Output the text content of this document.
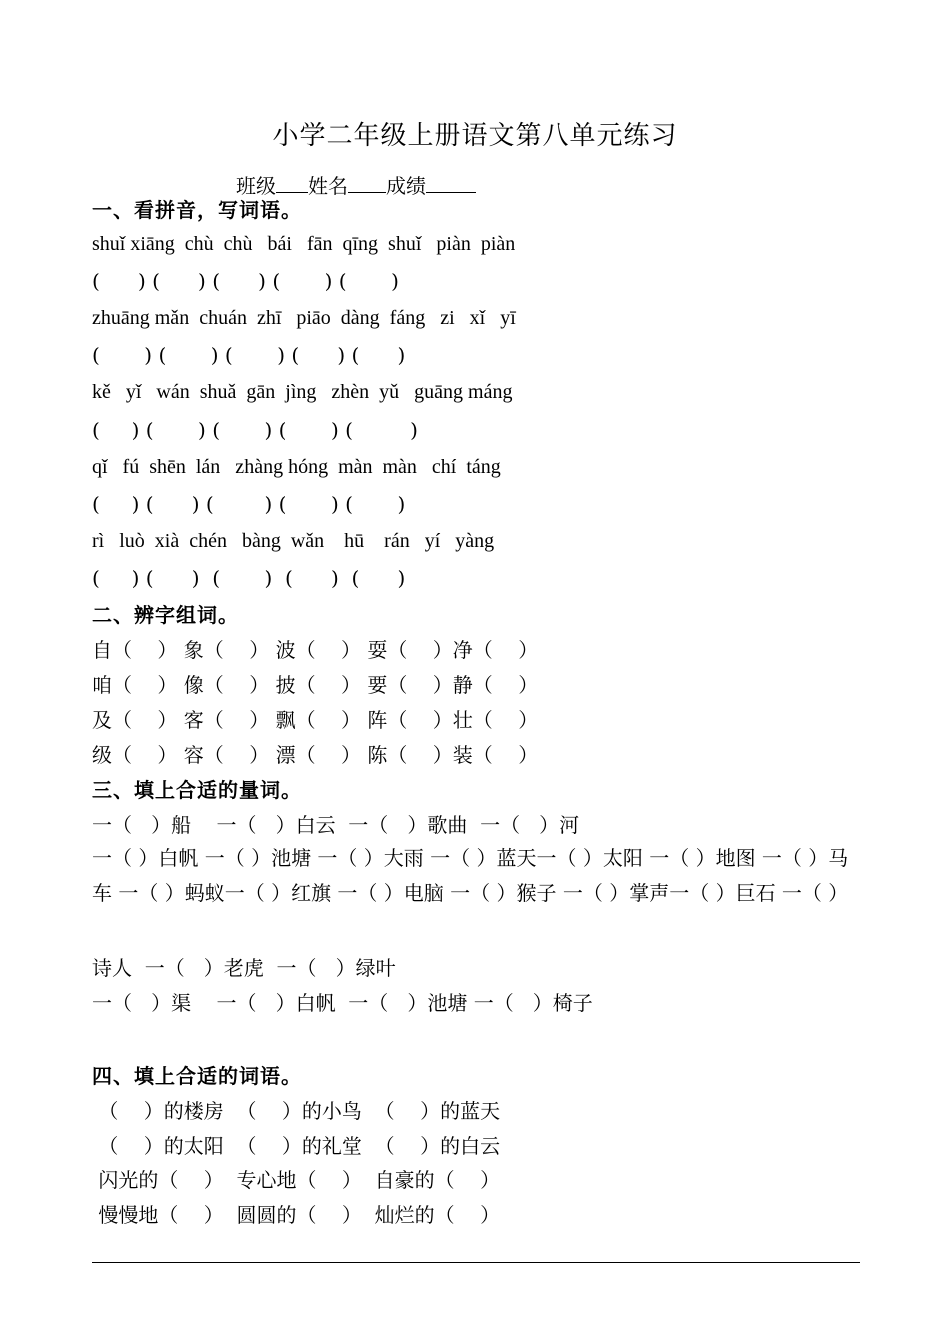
小学二年级上册语文第八单元练习
班级 姓名 成绩
一、看拼音，写词语。
shuǐ xiāng  chù  chù   bái   fān  qīng  shuǐ   piàn  piàn
(      ) (      ) (      ) (       ) (       )
zhuāng mǎn  chuán  zhī   piāo  dàng  fáng   zi   xǐ   yī
(       ) (       ) (       ) (      ) (      )
kě   yǐ   wán  shuǎ  gān  jìng   zhèn  yǔ   guāng máng
(     ) (       ) (       ) (       ) (         )
qǐ   fú  shēn  lán   zhàng hóng  màn  màn   chí  táng
(     ) (      ) (        ) (       ) (       )
rì   luò  xià  chén   bàng  wǎn    hū    rán   yí   yàng
(     ) (      )  (       )  (      )  (      )
二、辨字组词。
自（    ） 象（    ） 波（    ） 耍（    ）净（    ）
咱（    ） 像（    ） 披（    ） 要（    ）静（    ）
及（    ） 客（    ） 飘（    ） 阵（    ）壮（    ）
级（    ） 容（    ） 漂（    ） 陈（    ）装（    ）
三、填上合适的量词。
一（   ）船    一（   ）白云  一（   ）歌曲  一（   ）河
一（ ）白帆 一（ ）池塘 一（ ）大雨 一（ ）蓝天一（ ）太阳 一（ ）地图 一（ ）马车 一（ ）蚂蚁一（ ）红旗 一（ ）电脑 一（ ）猴子 一（ ）掌声一（ ）巨石 一（ ）
诗人  一（   ）老虎  一（   ）绿叶
一（   ）渠    一（   ）白帆  一（   ）池塘 一（   ）椅子
四、填上合适的词语。
（    ）的楼房  （    ）的小鸟  （    ）的蓝天
（    ）的太阳  （    ）的礼堂  （    ）的白云
闪光的（    ）  专心地（    ）  自豪的（    ）
慢慢地（    ）  圆圆的（    ）  灿烂的（    ）
